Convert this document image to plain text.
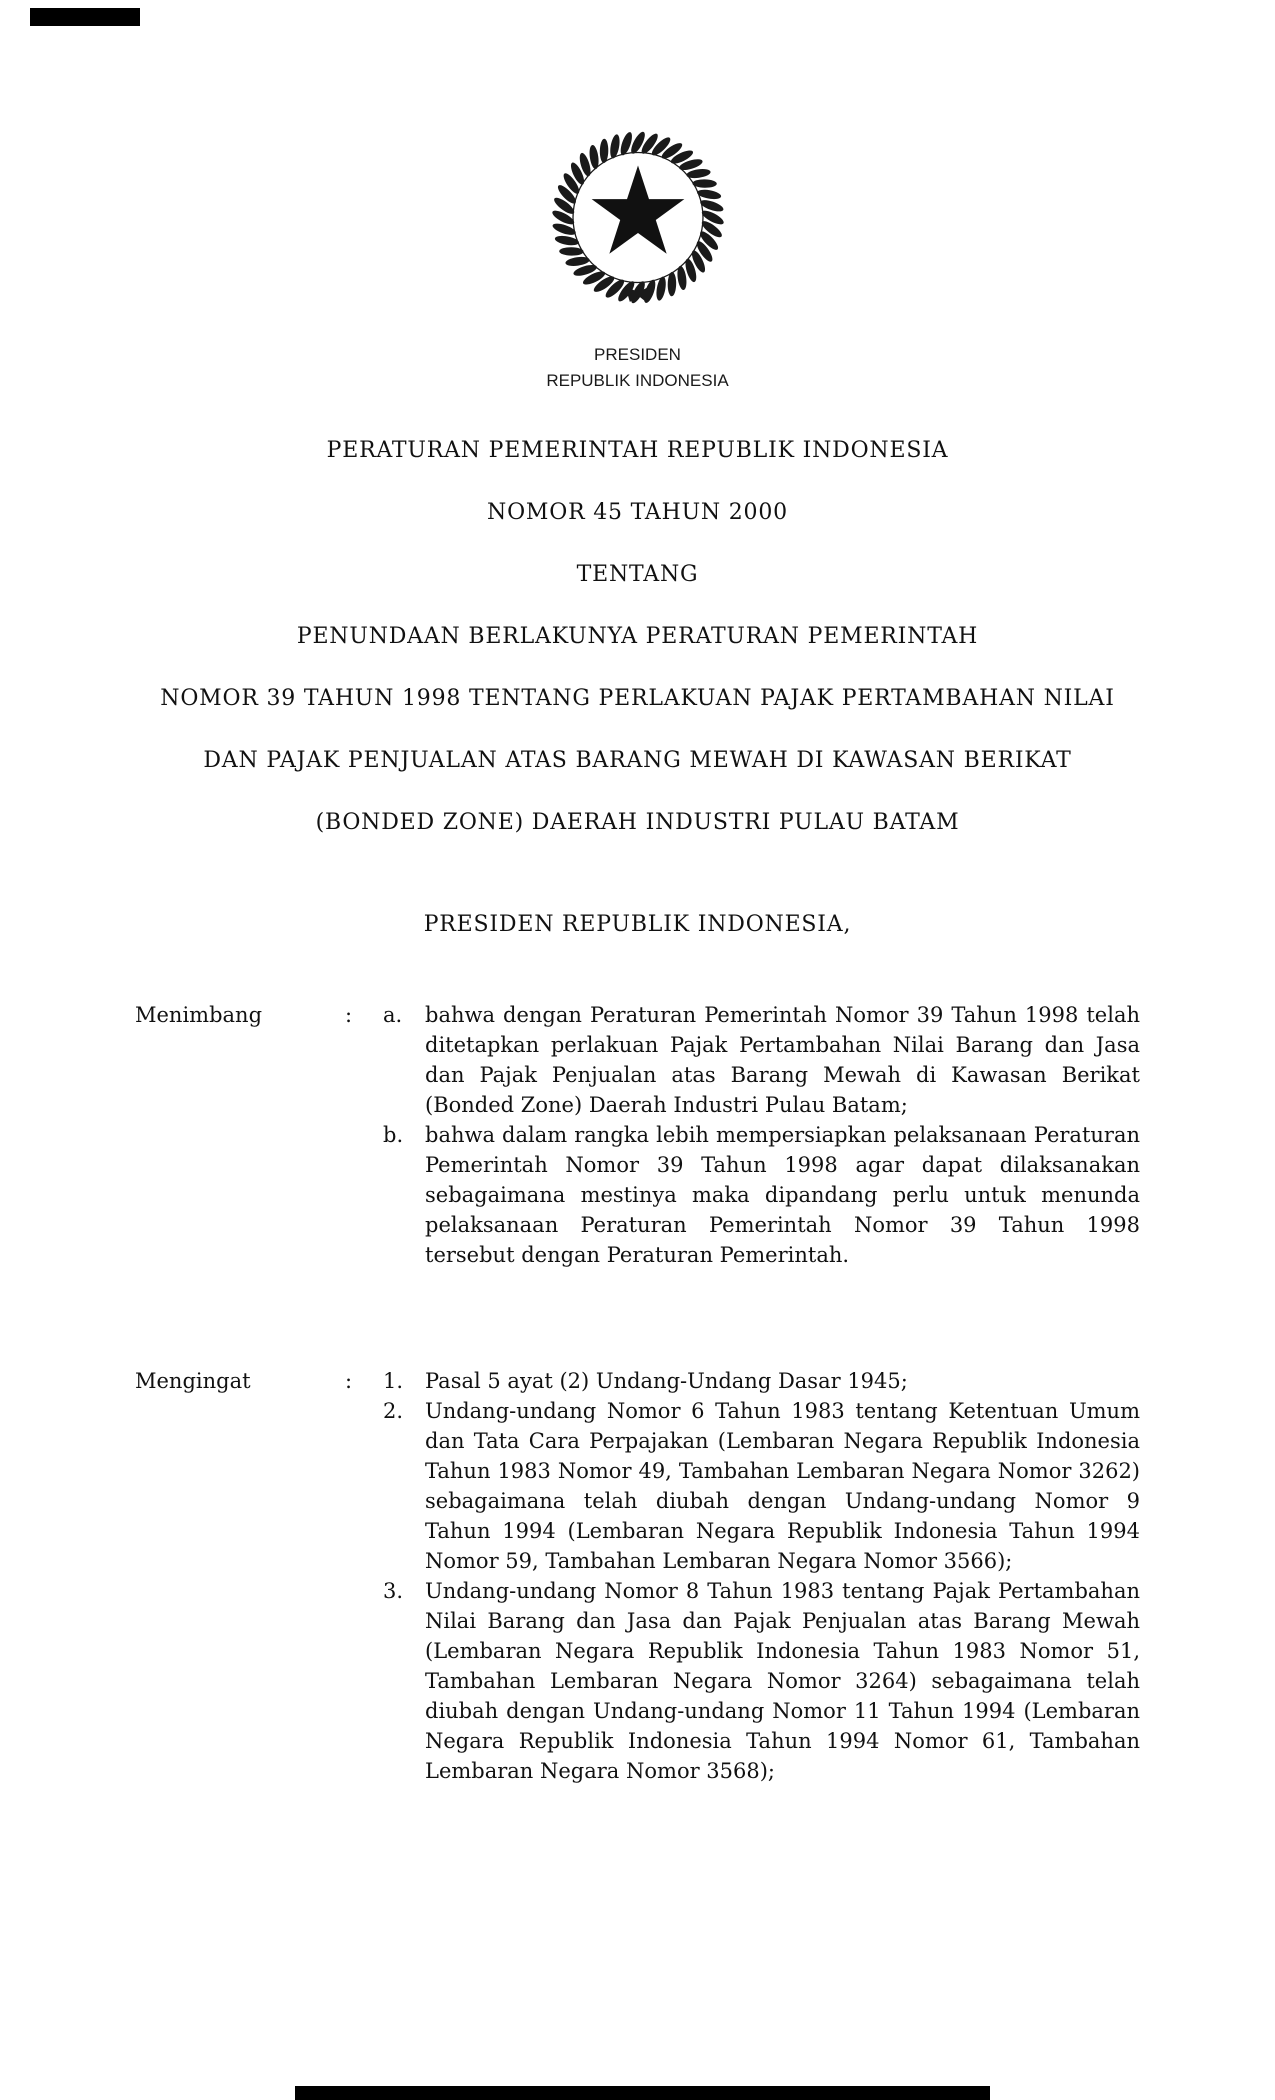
PRESIDEN
REPUBLIK INDONESIA
PERATURAN PEMERINTAH REPUBLIK INDONESIA
NOMOR 45 TAHUN 2000
TENTANG
PENUNDAAN BERLAKUNYA PERATURAN PEMERINTAH
NOMOR 39 TAHUN 1998 TENTANG PERLAKUAN PAJAK PERTAMBAHAN NILAI
DAN PAJAK PENJUALAN ATAS BARANG MEWAH DI KAWASAN BERIKAT
(BONDED ZONE) DAERAH INDUSTRI PULAU BATAM
PRESIDEN REPUBLIK INDONESIA,
Menimbang	:	a.	bahwa dengan Peraturan Pemerintah Nomor 39 Tahun 1998 telah ditetapkan perlakuan Pajak Pertambahan Nilai Barang dan Jasa dan Pajak Penjualan atas Barang Mewah di Kawasan Berikat (Bonded Zone) Daerah Industri Pulau Batam;
b.	bahwa dalam rangka lebih mempersiapkan pelaksanaan Peraturan Pemerintah Nomor 39 Tahun 1998 agar dapat dilaksanakan sebagaimana mestinya maka dipandang perlu untuk menunda pelaksanaan Peraturan Pemerintah Nomor 39 Tahun 1998 tersebut dengan Peraturan Pemerintah.
Mengingat	:	1.	Pasal 5 ayat (2) Undang-Undang Dasar 1945;
2.	Undang-undang Nomor 6 Tahun 1983 tentang Ketentuan Umum dan Tata Cara Perpajakan (Lembaran Negara Republik Indonesia Tahun 1983 Nomor 49, Tambahan Lembaran Negara Nomor 3262) sebagaimana telah diubah dengan Undang-undang Nomor 9 Tahun 1994 (Lembaran Negara Republik Indonesia Tahun 1994 Nomor 59, Tambahan Lembaran Negara Nomor 3566);
3.	Undang-undang Nomor 8 Tahun 1983 tentang Pajak Pertambahan Nilai Barang dan Jasa dan Pajak Penjualan atas Barang Mewah (Lembaran Negara Republik Indonesia Tahun 1983 Nomor 51, Tambahan Lembaran Negara Nomor 3264) sebagaimana telah diubah dengan Undang-undang Nomor 11 Tahun 1994 (Lembaran Negara Republik Indonesia Tahun 1994 Nomor 61, Tambahan Lembaran Negara Nomor 3568);
